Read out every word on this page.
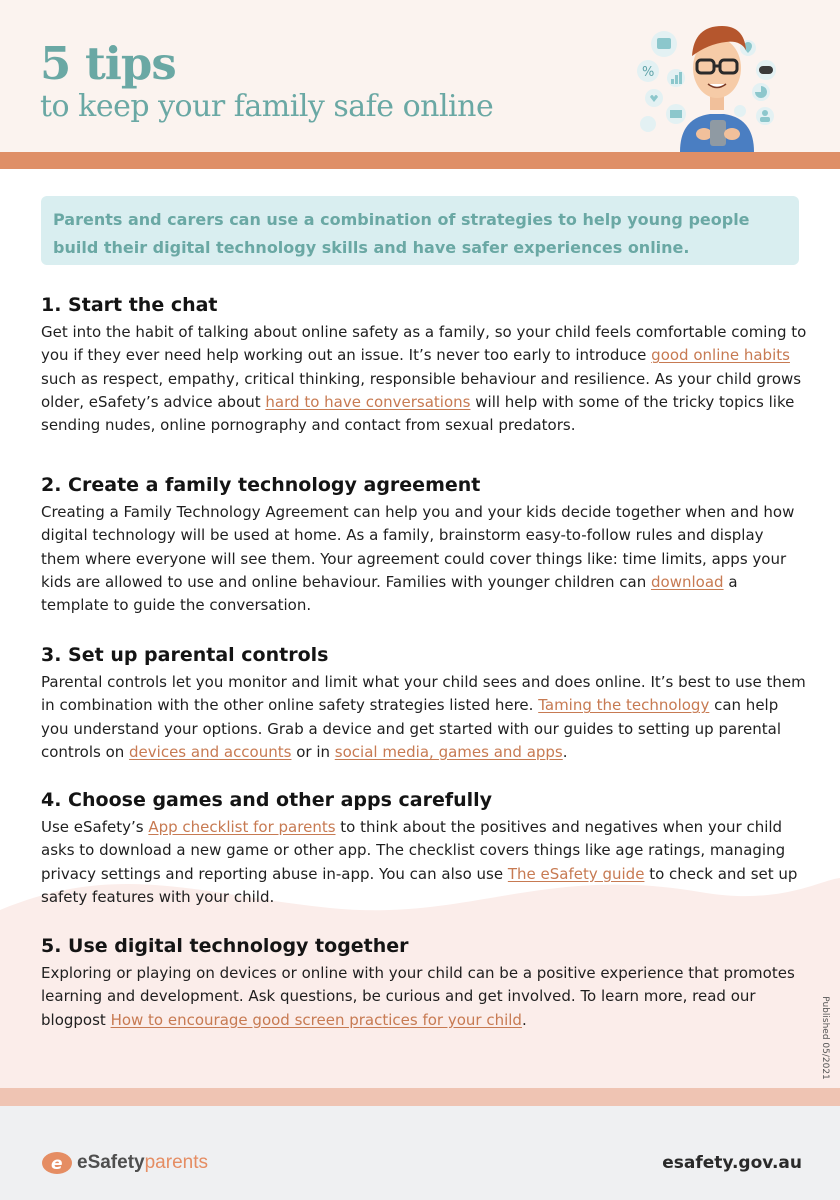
5 tips
to keep your family safe online
%

Parents and carers can use a combination of strategies to help young people build their digital technology skills and have safer experiences online.

1. Start the chat

Get into the habit of talking about online safety as a family, so your child feels comfortable coming to you if they ever need help working out an issue. It’s never too early to introduce good online habits such as respect, empathy, critical thinking, responsible behaviour and resilience. As your child grows older, eSafety’s advice about hard to have conversations will help with some of the tricky topics like sending nudes, online pornography and contact from sexual predators.

2. Create a family technology agreement

Creating a Family Technology Agreement can help you and your kids decide together when and how digital technology will be used at home. As a family, brainstorm easy-to-follow rules and display them where everyone will see them. Your agreement could cover things like: time limits, apps your kids are allowed to use and online behaviour. Families with younger children can download a template to guide the conversation.

3. Set up parental controls

Parental controls let you monitor and limit what your child sees and does online. It’s best to use them in combination with the other online safety strategies listed here. Taming the technology can help you understand your options. Grab a device and get started with our guides to setting up parental controls on devices and accounts or in social media, games and apps.

4. Choose games and other apps carefully

Use eSafety’s App checklist for parents to think about the positives and negatives when your child asks to download a new game or other app. The checklist covers things like age ratings, managing privacy settings and reporting abuse in-app. You can also use The eSafety guide to check and set up safety features with your child.

5. Use digital technology together

Exploring or playing on devices or online with your child can be a positive experience that promotes learning and development. Ask questions, be curious and get involved. To learn more, read our blogpost How to encourage good screen practices for your child.	Published 05/2021
e eSafety parents	esafety.gov.au
